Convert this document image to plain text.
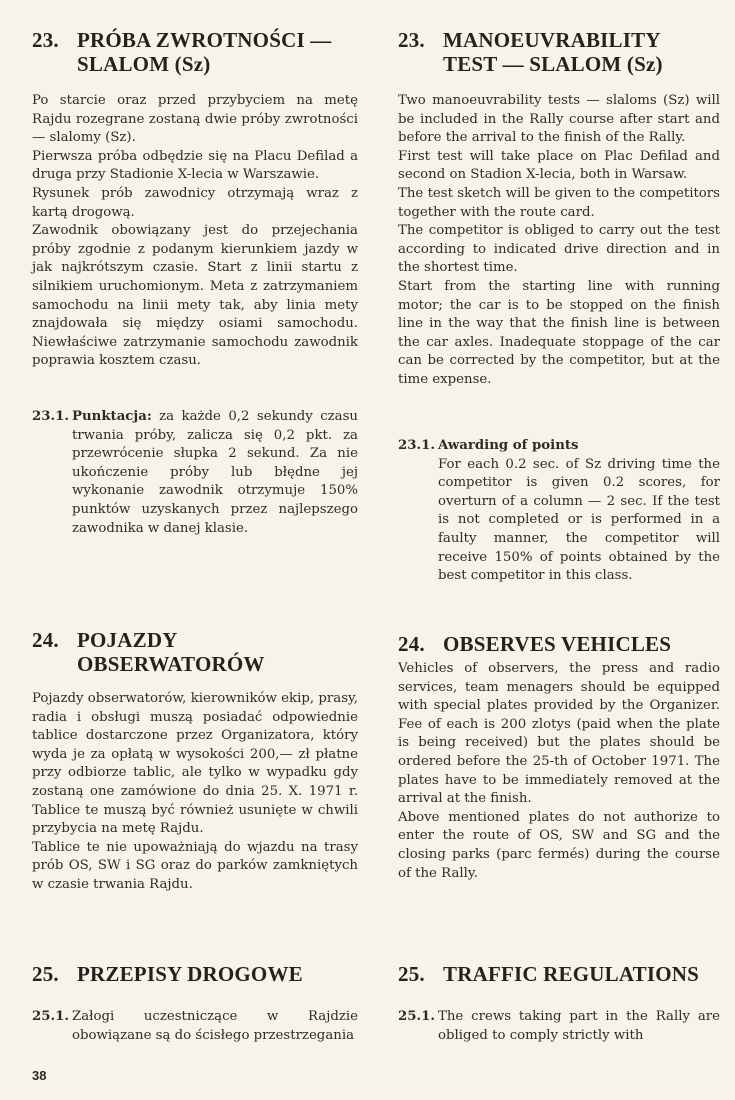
23. PRÓBA ZWROTNOŚCI —
SLALOM (Sz)

Po starcie oraz przed przybyciem na metę Rajdu rozegrane zostaną dwie próby zwrotności — slalomy (Sz).

Pierwsza próba odbędzie się na Placu Defilad a druga przy Stadionie X-lecia w Warszawie.

Rysunek prób zawodnicy otrzymają wraz z kartą drogową.

Zawodnik obowiązany jest do przejechania próby zgodnie z podanym kierunkiem jazdy w jak najkrótszym czasie. Start z linii startu z silnikiem uruchomionym. Meta z zatrzymaniem samochodu na linii mety tak, aby linia mety znajdowała się między osiami samochodu. Niewłaściwe zatrzymanie samochodu zawodnik poprawia kosztem czasu.

23.1. Punktacja: za każde 0,2 sekundy czasu trwania próby, zalicza się 0,2 pkt. za przewrócenie słupka 2 sekund. Za nie ukończenie próby lub błędne jej wykonanie zawodnik otrzymuje 150% punktów uzyskanych przez najlepszego zawodnika w danej klasie.
24. POJAZDY
OBSERWATORÓW

Pojazdy obserwatorów, kierowników ekip, prasy, radia i obsługi muszą posiadać odpowiednie tablice dostarczone przez Organizatora, który wyda je za opłatą w wysokości 200,— zł płatne przy odbiorze tablic, ale tylko w wypadku gdy zostaną one zamówione do dnia 25. X. 1971 r. Tablice te muszą być również usunięte w chwili przybycia na metę Rajdu.

Tablice te nie upoważniają do wjazdu na trasy prób OS, SW i SG oraz do parków zamkniętych w czasie trwania Rajdu.

25. PRZEPISY DROGOWE
25.1. Załogi uczestniczące w Rajdzie obowiązane są do ścisłego przestrzegania
23. MANOEUVRABILITY
TEST — SLALOM (Sz)

Two manoeuvrability tests — slaloms (Sz) will be included in the Rally course after start and before the arrival to the finish of the Rally.

First test will take place on Plac Defilad and second on Stadion X-lecia, both in Warsaw.

The test sketch will be given to the competitors together with the route card.

The competitor is obliged to carry out the test according to indicated drive direction and in the shortest time.

Start from the starting line with running motor; the car is to be stopped on the finish line in the way that the finish line is between the car axles. Inadequate stoppage of the car can be corrected by the competitor, but at the time expense.

23.1. Awarding of points
For each 0.2 sec. of Sz driving time the competitor is given 0.2 scores, for overturn of a column — 2 sec. If the test is not completed or is performed in a faulty manner, the competitor will receive 150% of points obtained by the best competitor in this class.
24. OBSERVES VEHICLES

Vehicles of observers, the press and radio services, team menagers should be equipped with special plates provided by the Organizer. Fee of each is 200 zlotys (paid when the plate is being received) but the plates should be ordered before the 25-th of October 1971. The plates have to be immediately removed at the arrival at the finish.

Above mentioned plates do not authorize to enter the route of OS, SW and SG and the closing parks (parc fermés) during the course of the Rally.

25. TRAFFIC REGULATIONS
25.1. The crews taking part in the Rally are obliged to comply strictly with
38
